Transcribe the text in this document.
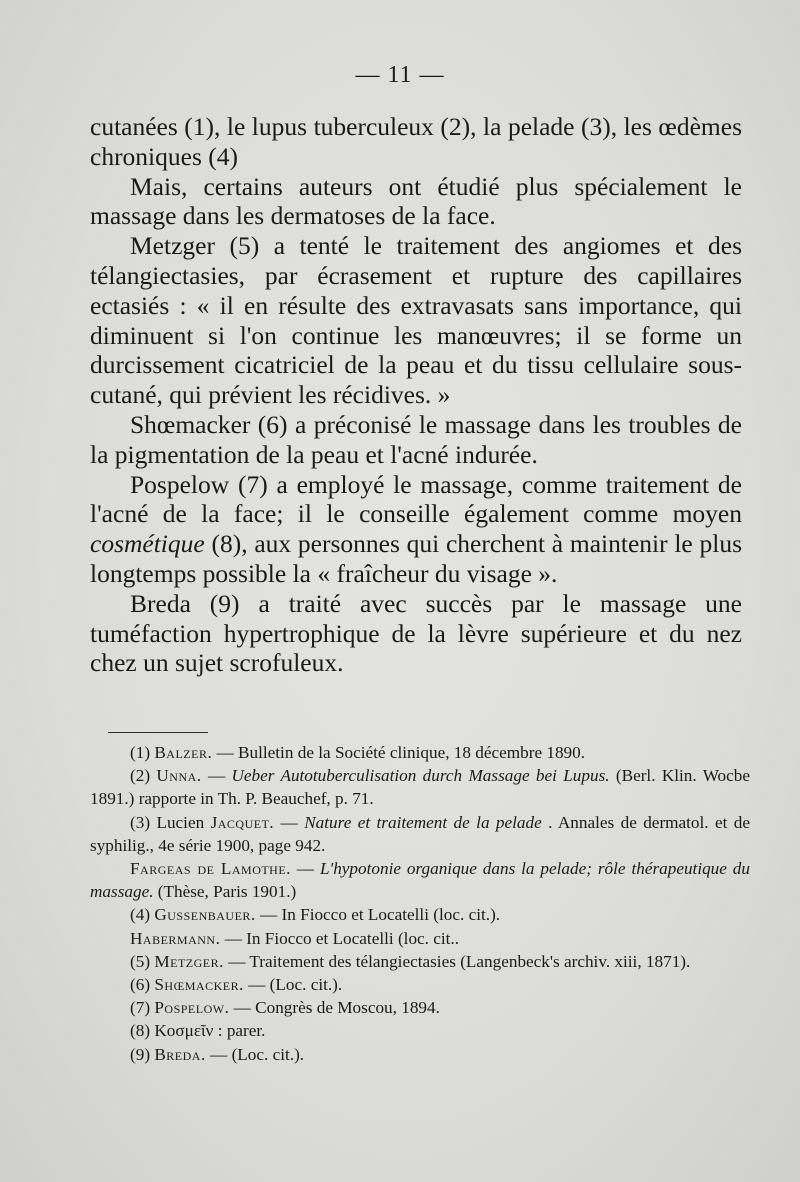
— 11 —

cutanées (1), le lupus tuberculeux (2), la pelade (3), les œdèmes chroniques (4)

Mais, certains auteurs ont étudié plus spécialement le massage dans les dermatoses de la face.

Metzger (5) a tenté le traitement des angiomes et des télangiectasies, par écrasement et rupture des capillaires ectasiés : « il en résulte des extravasats sans importance, qui diminuent si l'on continue les manœuvres; il se forme un durcissement cicatriciel de la peau et du tissu cellulaire sous-cutané, qui prévient les récidives. »

Shœmacker (6) a préconisé le massage dans les troubles de la pigmentation de la peau et l'acné indurée.

Pospelow (7) a employé le massage, comme traitement de l'acné de la face; il le conseille également comme moyen cosmétique (8), aux personnes qui cherchent à maintenir le plus longtemps possible la « fraîcheur du visage ».

Breda (9) a traité avec succès par le massage une tuméfaction hypertrophique de la lèvre supérieure et du nez chez un sujet scrofuleux.

(1) Balzer. — Bulletin de la Société clinique, 18 décembre 1890.

(2) Unna. — Ueber Autotuberculisation durch Massage bei Lupus. (Berl. Klin. Wocbe 1891.) rapporte in Th. P. Beauchef, p. 71.

(3) Lucien Jacquet. — Nature et traitement de la pelade . Annales de dermatol. et de syphilig., 4e série 1900, page 942.

Fargeas de Lamothe. — L'hypotonie organique dans la pelade; rôle thérapeutique du massage. (Thèse, Paris 1901.)

(4) Gussenbauer. — In Fiocco et Locatelli (loc. cit.).

Habermann. — In Fiocco et Locatelli (loc. cit..

(5) Metzger. — Traitement des télangiectasies (Langenbeck's archiv. xiii, 1871).

(6) Shœmacker. — (Loc. cit.).

(7) Pospelow. — Congrès de Moscou, 1894.

(8) Κοσμεῖν : parer.

(9) Breda. — (Loc. cit.).
